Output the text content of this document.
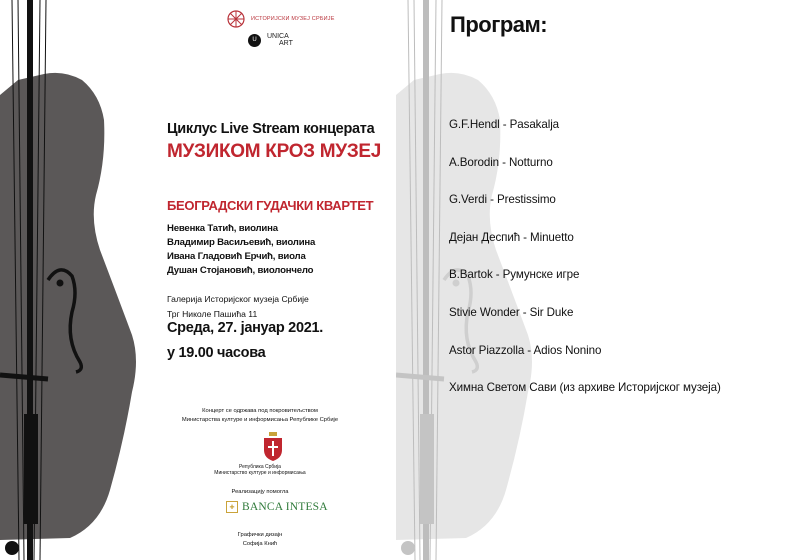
ИСТОРИЈСКИ МУЗЕЈ СРБИЈЕ
U	UNICA
ART
Циклус Live Stream концерата
МУЗИКОМ КРОЗ МУЗЕЈ
БЕОГРАДСКИ ГУДАЧКИ КВАРТЕТ
Невенка Татић, виолина
Владимир Васиљевић, виолина
Ивана Гладовић Ерчић, виола
Душан Стојановић, виолончело
Галерија Историјског музеја Србије
Трг Николе Пашића 11
Среда, 27. јануар 2021.
у 19.00 часова
Концерт се одржава под покровитељством
Министарства културе и информисања Републике Србије
Република Србија
Министарство културе и информисања
Реализацију помогла
✚ BANCA INTESA
Графички дизајн
Софија Кнић
Програм:
G.F.Hendl - Pasakalja
A.Borodin - Notturno
G.Verdi - Prestissimo
Дејан Деспић - Minuetto
B.Bartok - Румунске игре
Stivie Wonder - Sir Duke
Astor Piazzolla - Adios Nonino
Химна Светом Сави (из архиве Историјског музеја)
